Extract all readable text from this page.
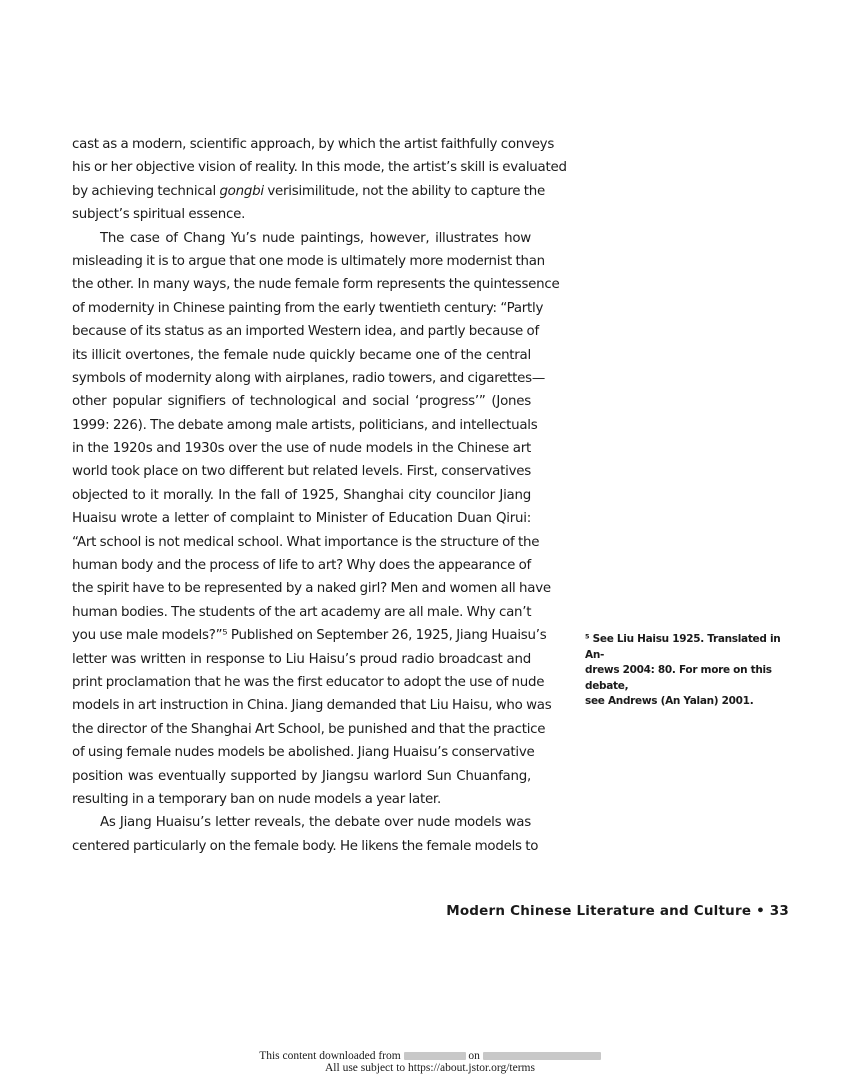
cast as a modern, scientific approach, by which the artist faithfully conveys
his or her objective vision of reality. In this mode, the artist’s skill is evaluated
by achieving technical gongbi verisimilitude, not the ability to capture the
subject’s spiritual essence.
The case of Chang Yu’s nude paintings, however, illustrates how
misleading it is to argue that one mode is ultimately more modernist than
the other. In many ways, the nude female form represents the quintessence
of modernity in Chinese painting from the early twentieth century: “Partly
because of its status as an imported Western idea, and partly because of
its illicit overtones, the female nude quickly became one of the central
symbols of modernity along with airplanes, radio towers, and cigarettes—
other popular signifiers of technological and social ‘progress’” (Jones
1999: 226). The debate among male artists, politicians, and intellectuals
in the 1920s and 1930s over the use of nude models in the Chinese art
world took place on two different but related levels. First, conservatives
objected to it morally. In the fall of 1925, Shanghai city councilor Jiang
Huaisu wrote a letter of complaint to Minister of Education Duan Qirui:
“Art school is not medical school. What importance is the structure of the
human body and the process of life to art? Why does the appearance of
the spirit have to be represented by a naked girl? Men and women all have
human bodies. The students of the art academy are all male. Why can’t
you use male models?”⁵ Published on September 26, 1925, Jiang Huaisu’s
letter was written in response to Liu Haisu’s proud radio broadcast and
print proclamation that he was the first educator to adopt the use of nude
models in art instruction in China. Jiang demanded that Liu Haisu, who was
the director of the Shanghai Art School, be punished and that the practice
of using female nudes models be abolished. Jiang Huaisu’s conservative
position was eventually supported by Jiangsu warlord Sun Chuanfang,
resulting in a temporary ban on nude models a year later.
As Jiang Huaisu’s letter reveals, the debate over nude models was
centered particularly on the female body. He likens the female models to
⁵ See Liu Haisu 1925. Translated in An-
drews 2004: 80. For more on this debate,
see Andrews (An Yalan) 2001.
Modern Chinese Literature and Culture • 33
This content downloaded from	on
All use subject to https://about.jstor.org/terms
